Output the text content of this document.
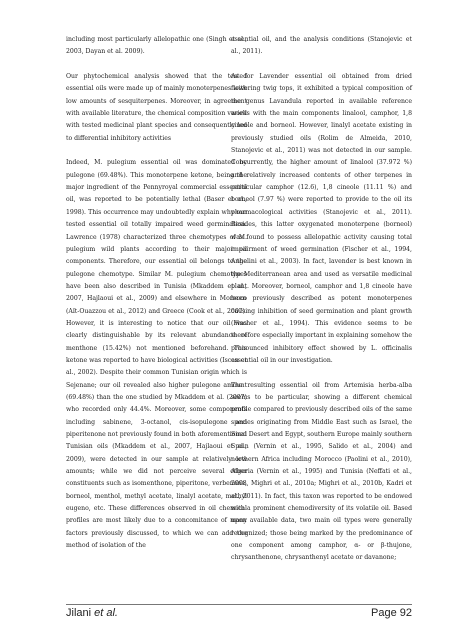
including most particularly allelopathic one (Singh et al., 2003, Dayan et al. 2009).

Our phytochemical analysis showed that the tested essential oils were made up of mainly monoterpenes with low amounts of sesquiterpenes. Moreover, in agreement with available literature, the chemical composition varied with tested medicinal plant species and consequently led to differential inhibitory activities

Indeed, M. pulegium essential oil was dominated by pulegone (69.48%). This monoterpene ketone, being the major ingredient of the Pennyroyal commercial essential oil, was reported to be potentially lethal (Baser et al., 1998). This occurrence may undoubtedly explain why our tested essential oil totally impaired weed germination. Lawrence (1978) characterized three chemotypes of M. pulegium wild plants according to their major oil components. Therefore, our essential oil belongs to the pulegone chemotype. Similar M. pulegium chemotypes have been also described in Tunisia (Mkaddem et al., 2007, Hajlaoui et al., 2009) and elsewhere in Morocco (Aït-Ouazzou et al., 2012) and Greece (Cook et al., 2007). However, it is interesting to notice that our oil was clearly distinguishable by its relevant abundance of menthone (15.42%) not mentioned beforehand. This ketone was reported to have biological activities (Iscan et al., 2002). Despite their common Tunisian origin which is Sejenane; our oil revealed also higher pulegone amount (69.48%) than the one studied by Mkaddem et al. (2007) who recorded only 44.4%. Moreover, some components including sabinene, 3-octanol, cis-isopulegone and piperitenone not previously found in both aforementioned Tunisian oils (Mkaddem et al., 2007, Hajlaoui et al., 2009), were detected in our sample at relatively low amounts; while we did not perceive several other constituents such as isomenthone, piperitone, verbenone, borneol, menthol, methyl acetate, linalyl acetate, methyl eugeno, etc. These differences observed in oil chemical profiles are most likely due to a concomitance of many factors previously discussed, to which we can add the method of isolation of the

essential oil, and the analysis conditions (Stanojevic et al., 2011).

As for Lavender essential oil obtained from dried flowering twig tops, it exhibited a typical composition of the genus Lavandula reported in available reference works with the main components linalool, camphor, 1,8 cineole and borneol. However, linalyl acetate existing in previously studied oils (Rolim de Almeida, 2010, Stanojevic et al., 2011) was not detected in our sample. Concurrently, the higher amount of linalool (37.972 %) and relatively increased contents of other terpenes in particular camphor (12.6), 1,8 cineole (11.11 %) and borneol (7.97 %) were reported to provide to the oil its pharmacological activities (Stanojevic et al., 2011). Besides, this latter oxygenated monoterpene (borneol) was found to possess allelopathic activity causing total impairment of weed germination (Fischer et al., 1994, Angelini et al., 2003). In fact, lavender is best known in the Mediterranean area and used as versatile medicinal plant. Moreover, borneol, camphor and 1,8 cineole have been previously described as potent monoterpenes causing inhibition of seed germination and plant growth (Fischer et al., 1994). This evidence seems to be therefore especially important in explaining somehow the pronounced inhibitory effect showed by L. officinalis essential oil in our investigation.

The resulting essential oil from Artemisia herba-alba seems to be particular, showing a different chemical profile compared to previously described oils of the same species originating from Middle East such as Israel, the Sinai Desert and Egypt, southern Europe mainly southern Spain (Vernin et al., 1995, Salido et al., 2004) and northern Africa including Morocco (Paolini et al., 2010), Algeria (Vernin et al., 1995) and Tunisia (Neffati et al., 2008, Mighri et al., 2010a; Mighri et al., 2010b, Kadri et al., 2011). In fact, this taxon was reported to be endowed with a prominent chemodiversity of its volatile oil. Based upon available data, two main oil types were generally recognized; those being marked by the predominance of one component among camphor, α- or β-thujone, chrysanthenone, chrysanthenyl acetate or davanone;

Jilani et al.	Page 92
